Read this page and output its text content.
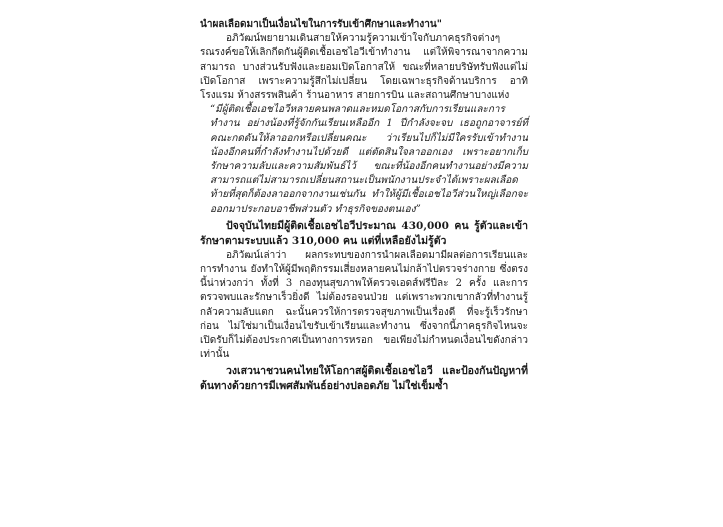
นำผลเลือดมาเป็นเงื่อนไขในการรับเข้าศึกษาและทำงาน"

อภิวัฒน์พยายามเดินสายให้ความรู้ความเข้าใจกับภาคธุรกิจต่างๆ รณรงค์ขอให้เลิกกีดกันผู้ติดเชื้อเอชไอวีเข้าทำงาน แต่ให้พิจารณาจากความสามารถ บางส่วนรับฟังและยอมเปิดโอกาสให้ ขณะที่หลายบริษัทรับฟังแต่ไม่เปิดโอกาส เพราะความรู้สึกไม่เปลี่ยน โดยเฉพาะธุรกิจด้านบริการ อาทิ โรงแรม ห้างสรรพสินค้า ร้านอาหาร สายการบิน และสถานศึกษาบางแห่ง

“มีผู้ติดเชื้อเอชไอวีหลายคนพลาดและหมดโอกาสกับการเรียนและการทำงาน อย่างน้องที่รู้จักกันเรียนเหลืออีก 1 ปีกำลังจะจบ เธอถูกอาจารย์ที่คณะกดดันให้ลาออกหรือเปลี่ยนคณะ ว่าเรียนไปก็ไม่มีใครรับเข้าทำงาน น้องอีกคนที่กำลังทำงานไปด้วยดี แต่ตัดสินใจลาออกเอง เพราะอยากเก็บรักษาความลับและความสัมพันธ์ไว้ ขณะที่น้องอีกคนทำงานอย่างมีความสามารถแต่ไม่สามารถเปลี่ยนสถานะเป็นพนักงานประจำได้เพราะผลเลือด ท้ายที่สุดก็ต้องลาออกจากงานเช่นกัน ทำให้ผู้มีเชื้อเอชไอวีส่วนใหญ่เลือกจะออกมาประกอบอาชีพส่วนตัว ทำธุรกิจของตนเอง”

ปัจจุบันไทยมีผู้ติดเชื้อเอชไอวีประมาณ 430,000 คน รู้ตัวและเข้ารักษาตามระบบแล้ว 310,000 คน แต่ที่เหลือยังไม่รู้ตัว

อภิวัฒน์เล่าว่า ผลกระทบของการนำผลเลือดมามีผลต่อการเรียนและการทำงาน ยังทำให้ผู้มีพฤติกรรมเสี่ยงหลายคนไม่กล้าไปตรวจร่างกาย ซึ่งตรงนี้น่าห่วงกว่า ทั้งที่ 3 กองทุนสุขภาพให้ตรวจเอดส์ฟรีปีละ 2 ครั้ง และการตรวจพบและรักษาเร็วยิ่งดี ไม่ต้องรอจนป่วย แต่เพราะพวกเขากลัวที่ทำงานรู้ กลัวความลับแตก ฉะนั้นควรให้การตรวจสุขภาพเป็นเรื่องดี ที่จะรู้เร็วรักษาก่อน ไม่ใช่มาเป็นเงื่อนไขรับเข้าเรียนและทำงาน ซึ่งจากนี้ภาคธุรกิจไหนจะเปิดรับก็ไม่ต้องประกาศเป็นทางการหรอก ขอเพียงไม่กำหนดเงื่อนไขดังกล่าวเท่านั้น

วงเสวนาชวนคนไทยให้โอกาสผู้ติดเชื้อเอชไอวี และป้องกันปัญหาที่ต้นทางด้วยการมีเพศสัมพันธ์อย่างปลอดภัย ไม่ใช่เข็มซ้ำ
